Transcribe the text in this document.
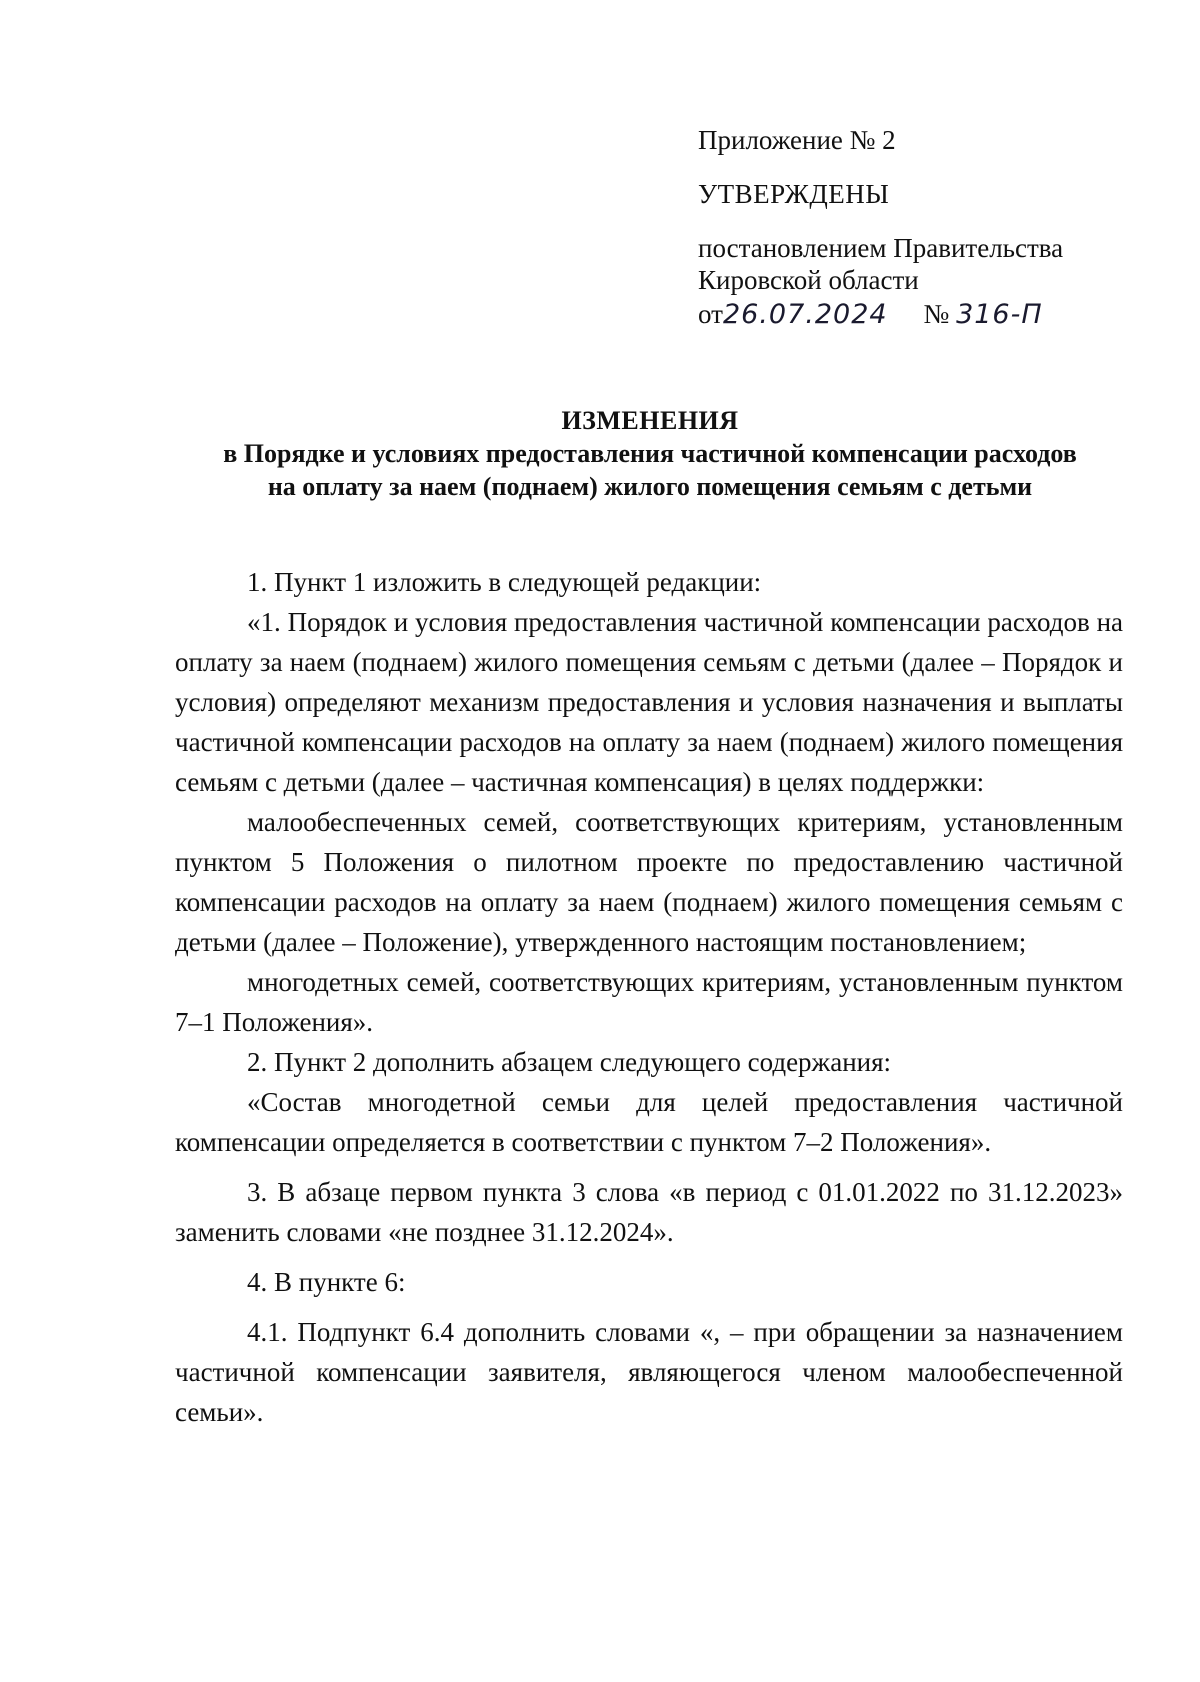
Приложение № 2
УТВЕРЖДЕНЫ
постановлением Правительства
Кировской области
от26.07.2024 № 316-П
ИЗМЕНЕНИЯ
в Порядке и условиях предоставления частичной компенсации расходов
на оплату за наем (поднаем) жилого помещения семьям с детьми

1. Пункт 1 изложить в следующей редакции:

«1. Порядок и условия предоставления частичной компенсации расходов на оплату за наем (поднаем) жилого помещения семьям с детьми (далее – Порядок и условия) определяют механизм предоставления и условия назначения и выплаты частичной компенсации расходов на оплату за наем (поднаем) жилого помещения семьям с детьми (далее – частичная компенсация) в целях поддержки:

малообеспеченных семей, соответствующих критериям, установленным пунктом 5 Положения о пилотном проекте по предоставлению частичной компенсации расходов на оплату за наем (поднаем) жилого помещения семьям с детьми (далее – Положение), утвержденного настоящим постановлением;

многодетных семей, соответствующих критериям, установленным пунктом 7–1 Положения».

2. Пункт 2 дополнить абзацем следующего содержания:

«Состав многодетной семьи для целей предоставления частичной компенсации определяется в соответствии с пунктом 7–2 Положения».

3. В абзаце первом пункта 3 слова «в период с 01.01.2022 по 31.12.2023» заменить словами «не позднее 31.12.2024».

4. В пункте 6:

4.1. Подпункт 6.4 дополнить словами «, – при обращении за назначением частичной компенсации заявителя, являющегося членом малообеспеченной семьи».
